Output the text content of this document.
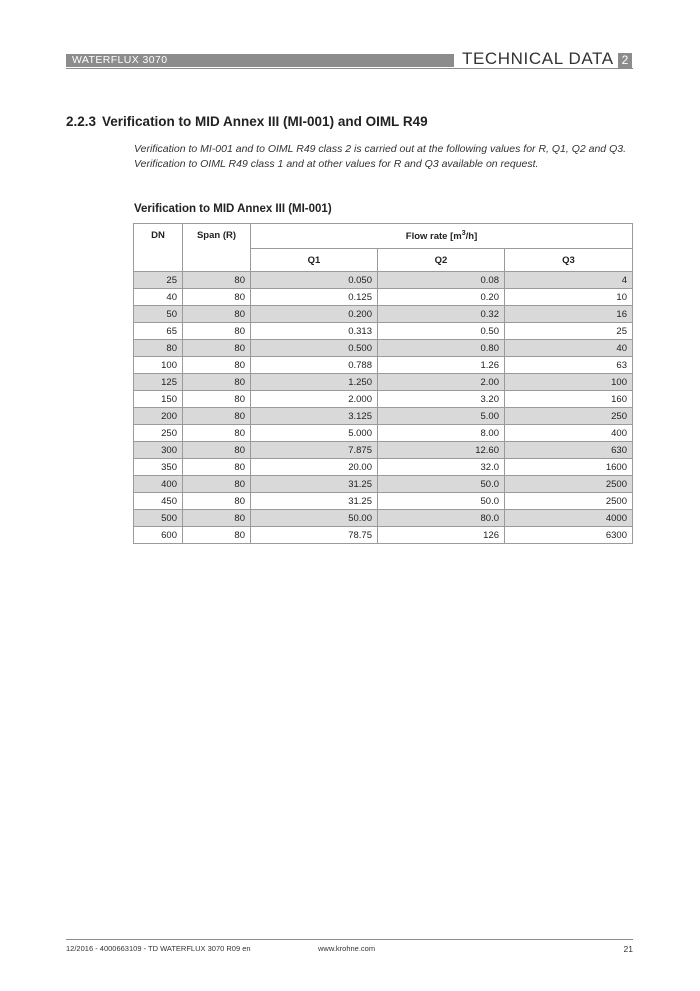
WATERFLUX 3070	TECHNICAL DATA 2
2.2.3 Verification to MID Annex III (MI-001) and OIML R49
Verification to MI-001 and to OIML R49 class 2 is carried out at the following values for R, Q1, Q2 and Q3. Verification to OIML R49 class 1 and at other values for R and Q3 available on request.
Verification to MID Annex III (MI-001)
DN	Span (R)	Flow rate $[m^3/h]$		
		Q1	Q2	Q3
25	80	0.050	0.08	4
40	80	0.125	0.20	10
50	80	0.200	0.32	16
65	80	0.313	0.50	25
80	80	0.500	0.80	40
100	80	0.788	1.26	63
125	80	1.250	2.00	100
150	80	2.000	3.20	160
200	80	3.125	5.00	250
250	80	5.000	8.00	400
300	80	7.875	12.60	630
350	80	20.00	32.0	1600
400	80	31.25	50.0	2500
450	80	31.25	50.0	2500
500	80	50.00	80.0	4000
600	80	78.75	126	6300
12/2016 - 4000663109 - TD WATERFLUX 3070 R09 en	www.krohne.com	21
